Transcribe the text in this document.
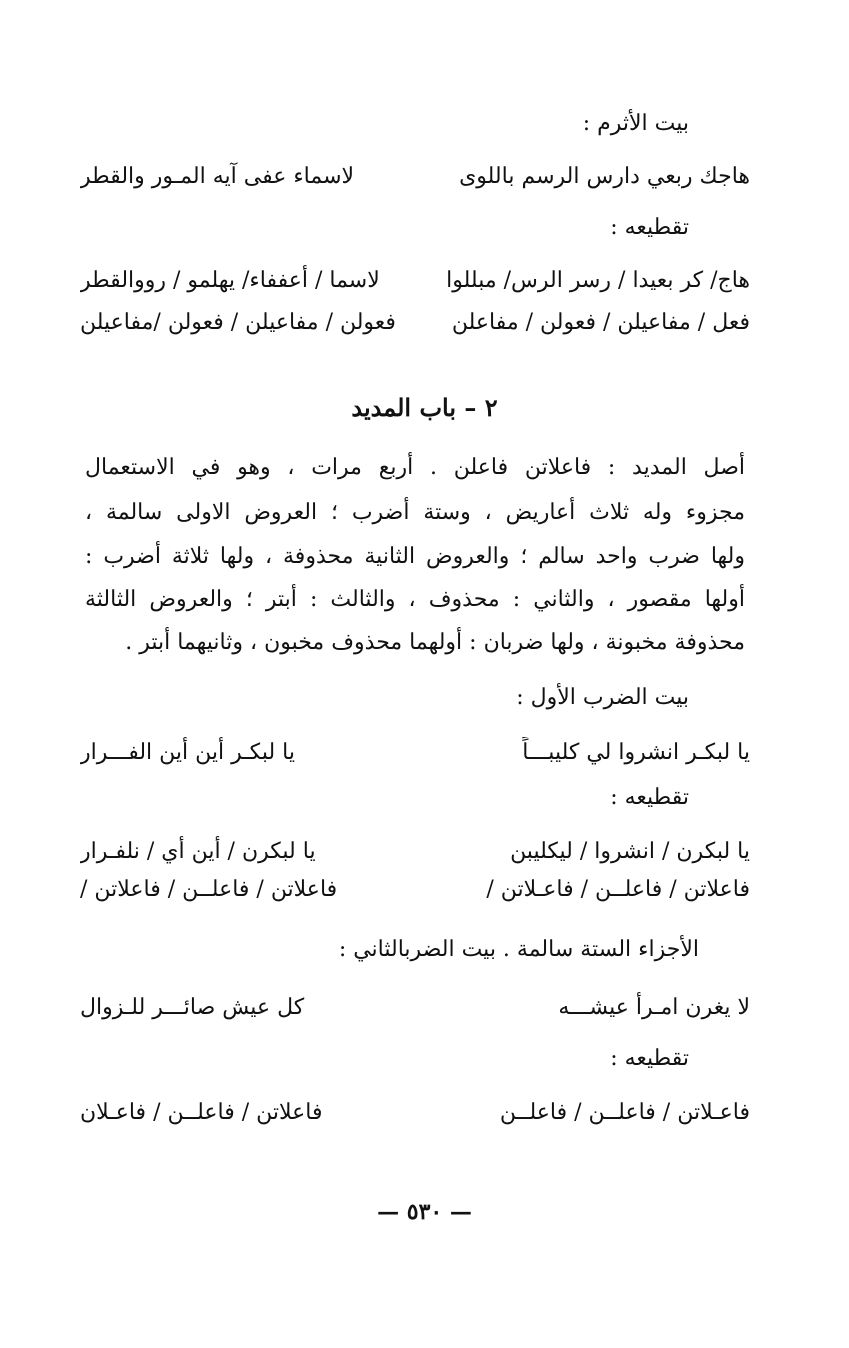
بيت الأثرم :
هاجك ربعي دارس الرسم باللوى
لاسماء عفى آيه المـور والقطر
تقطيعه :
هاج/ كر بعيدا / رسر الرس/ مبللوا
لاسما / أعففاء/ يهلمو / رووالقطر
فعل / مفاعيلن / فعولن / مفاعلن
فعولن / مفاعيلن / فعولن /مفاعيلن
٢ – باب المديد
أصل المديد : فاعلاتن فاعلن . أربع مرات ، وهو في الاستعمال
مجزوء وله ثلاث أعاريض ، وستة أضرب ؛ العروض الاولى سالمة ،
ولها ضرب واحد سالم ؛ والعروض الثانية محذوفة ، ولها ثلاثة أضرب :
أولها مقصور ، والثاني : محذوف ، والثالث : أبتر ؛ والعروض الثالثة
محذوفة مخبونة ، ولها ضربان : أولهما محذوف مخبون ، وثانيهما أبتر .
بيت الضرب الأول :
يا لبكـر انشروا لي كليبـــاً
يا لبكـر أين أين الفـــرار
تقطيعه :
يا لبكرن / انشروا / ليكليبن
يا لبكرن / أين أي / نلفـرار
فاعلاتن / فاعلــن / فاعـلاتن /
فاعلاتن / فاعلــن / فاعلاتن /
الأجزاء الستة سالمة . بيت الضربالثاني :
لا يغرن امـرأ عيشـــه
كل عيش صائـــر للـزوال
تقطيعه :
فاعـلاتن / فاعلــن / فاعلــن
فاعلاتن / فاعلــن / فاعـلان
— ٥٣٠ —
